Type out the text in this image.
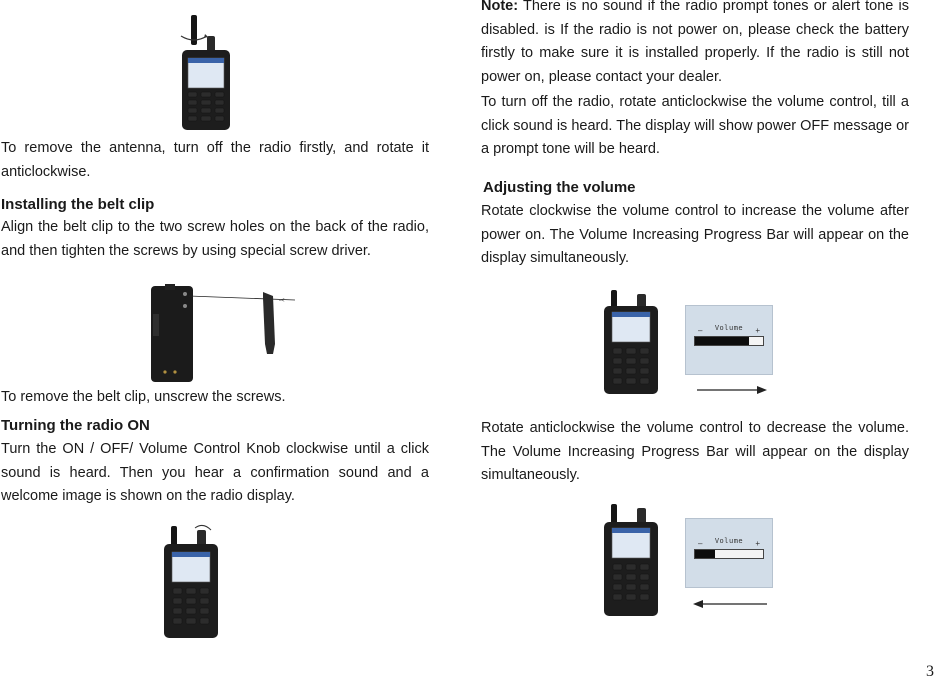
To remove the antenna, turn off the radio firstly, and rotate it anticlockwise.

Installing the belt clip

Align the belt clip to the two screw holes on the back of the radio, and then tighten the screws by using special screw driver.

-<

To remove the belt clip, unscrew the screws.

Turning the radio ON

Turn the ON / OFF/ Volume Control Knob clockwise until a click sound is heard. Then you hear a confirmation sound and a welcome image is shown on the radio display.

Note: There is no sound if the radio prompt tones or alert tone is disabled. is If the radio is not power on, please check the battery firstly to make sure it is installed properly. If the radio is still not power on, please contact your dealer.

To turn off the radio, rotate anticlockwise the volume control, till a click sound is heard. The display will show power OFF message or a prompt tone will be heard.

Adjusting the volume

Rotate clockwise the volume control to increase the volume after power on. The Volume Increasing Progress Bar will appear on the display simultaneously.

–	Volume	+

Rotate anticlockwise the volume control to decrease the volume. The Volume Increasing Progress Bar will appear on the display simultaneously.

–	Volume	+
3
